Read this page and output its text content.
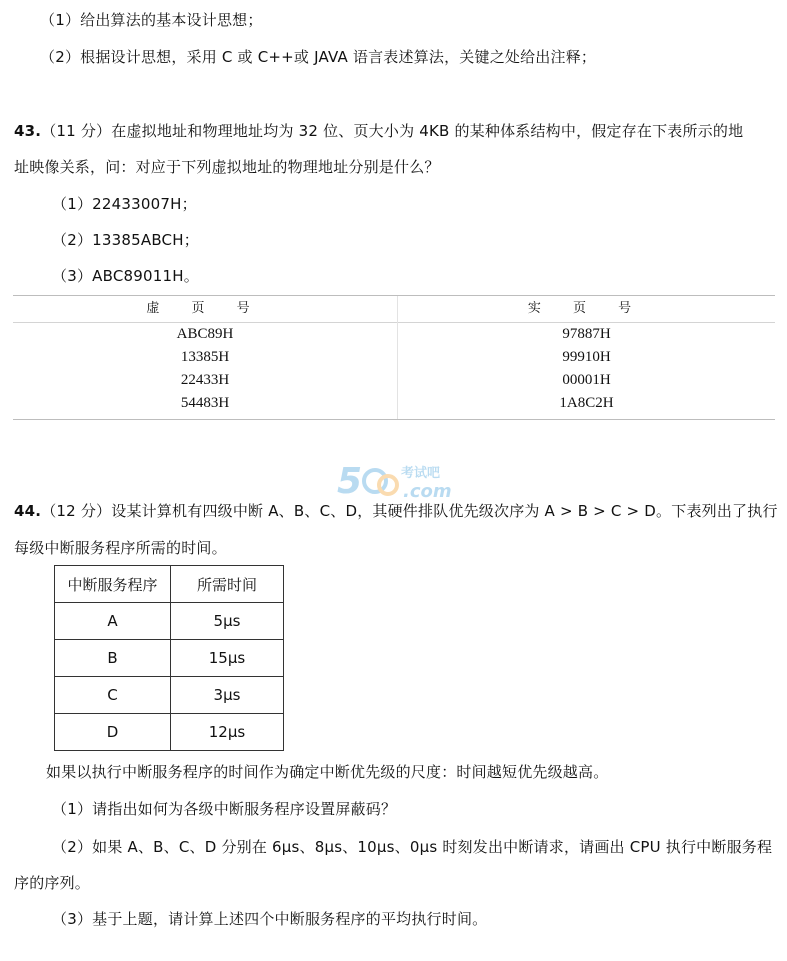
（1）给出算法的基本设计思想；
（2）根据设计思想，采用 C 或 C++或 JAVA 语言表述算法，关键之处给出注释；
43.（11 分）在虚拟地址和物理地址均为 32 位、页大小为 4KB 的某种体系结构中，假定存在下表所示的地
址映像关系，问：对应于下列虚拟地址的物理地址分别是什么？
（1）22433007H；
（2）13385ABCH；
（3）ABC89011H。
虚 页 号	实 页 号
ABC89H	97887H
13385H	99910H
22433H	00001H
54483H	1A8C2H
5	考试吧
.com
44.（12 分）设某计算机有四级中断 A、B、C、D，其硬件排队优先级次序为 A > B > C > D。下表列出了执行
每级中断服务程序所需的时间。
中断服务程序	所需时间
A	5μs
B	15μs
C	3μs
D	12μs
如果以执行中断服务程序的时间作为确定中断优先级的尺度：时间越短优先级越高。
（1）请指出如何为各级中断服务程序设置屏蔽码？
（2）如果 A、B、C、D 分别在 6μs、8μs、10μs、0μs 时刻发出中断请求，请画出 CPU 执行中断服务程
序的序列。
（3）基于上题，请计算上述四个中断服务程序的平均执行时间。
